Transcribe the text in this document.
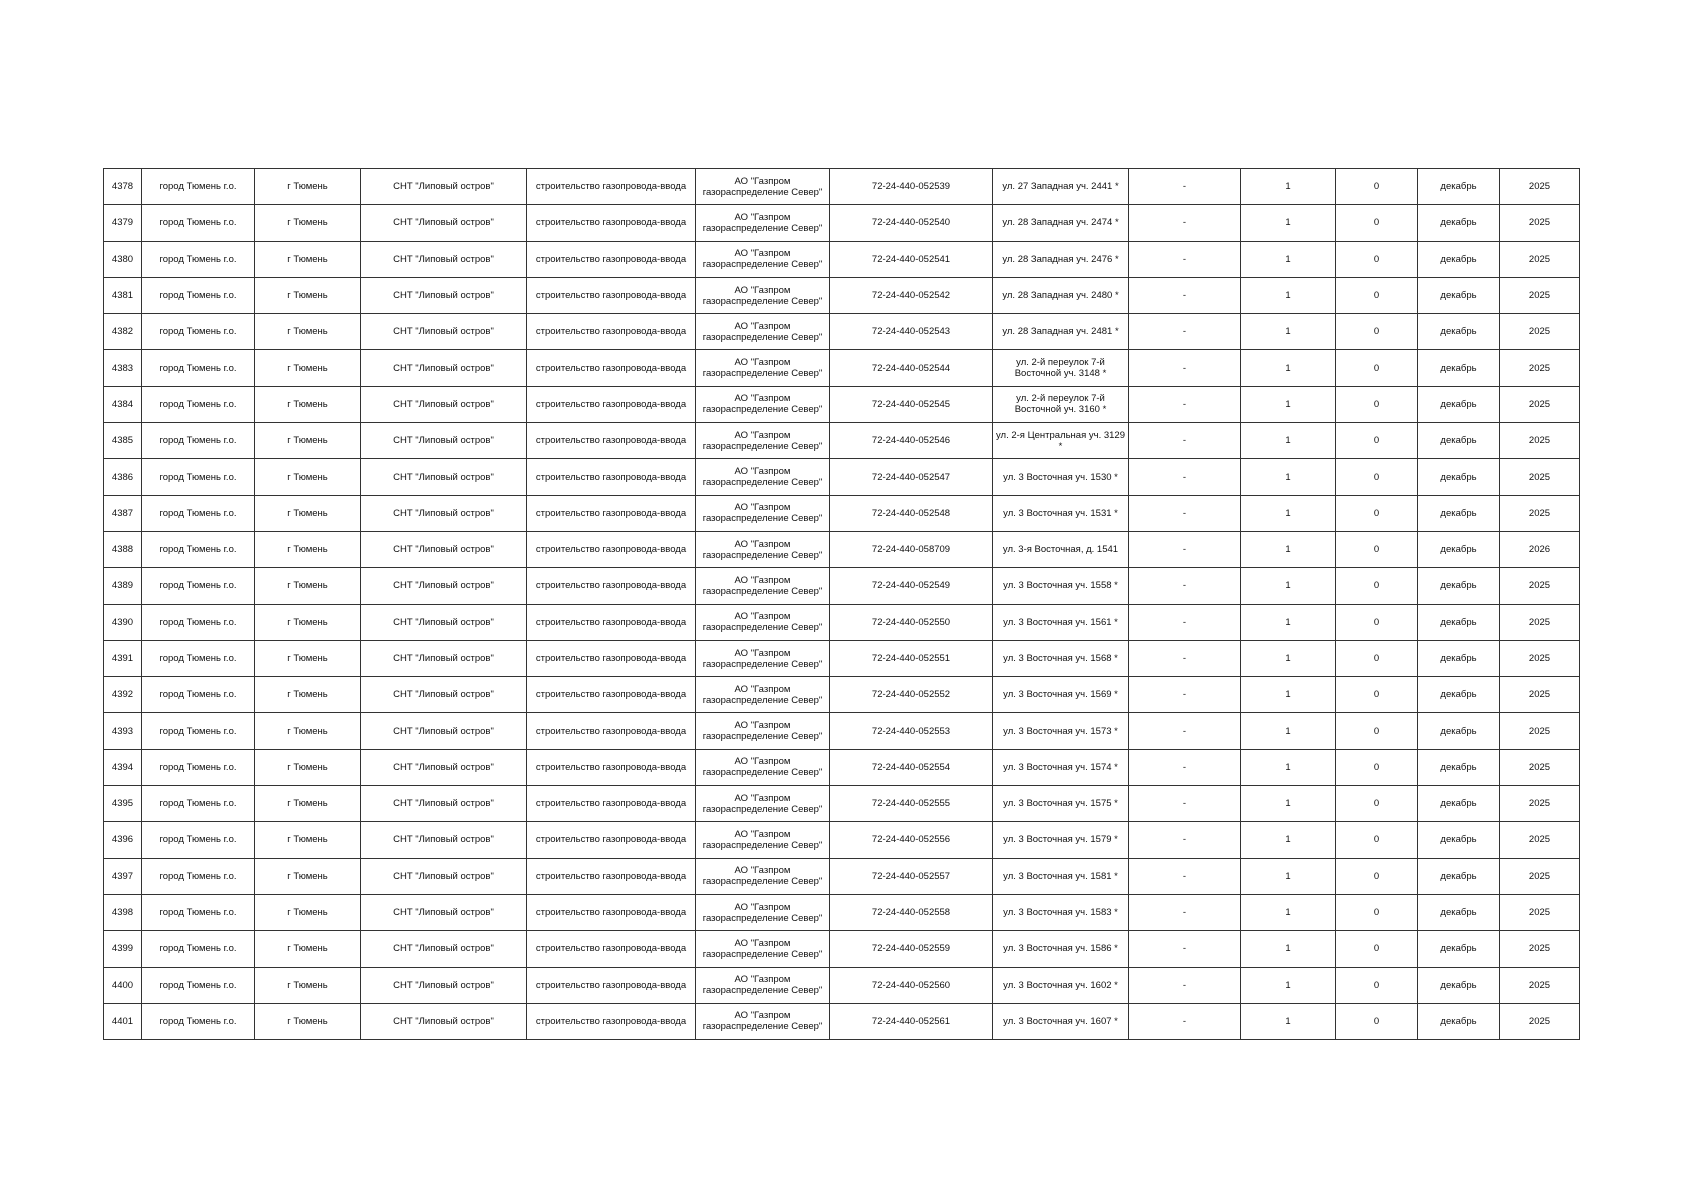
4378	город Тюмень г.о.	г Тюмень	СНТ "Липовый остров"	строительство газопровода-ввода	АО "Газпром газораспределение Север"	72-24-440-052539	ул. 27 Западная уч. 2441 *	-	1	0	декабрь	2025
4379	город Тюмень г.о.	г Тюмень	СНТ "Липовый остров"	строительство газопровода-ввода	АО "Газпром газораспределение Север"	72-24-440-052540	ул. 28 Западная уч. 2474 *	-	1	0	декабрь	2025
4380	город Тюмень г.о.	г Тюмень	СНТ "Липовый остров"	строительство газопровода-ввода	АО "Газпром газораспределение Север"	72-24-440-052541	ул. 28 Западная уч. 2476 *	-	1	0	декабрь	2025
4381	город Тюмень г.о.	г Тюмень	СНТ "Липовый остров"	строительство газопровода-ввода	АО "Газпром газораспределение Север"	72-24-440-052542	ул. 28 Западная уч. 2480 *	-	1	0	декабрь	2025
4382	город Тюмень г.о.	г Тюмень	СНТ "Липовый остров"	строительство газопровода-ввода	АО "Газпром газораспределение Север"	72-24-440-052543	ул. 28 Западная уч. 2481 *	-	1	0	декабрь	2025
4383	город Тюмень г.о.	г Тюмень	СНТ "Липовый остров"	строительство газопровода-ввода	АО "Газпром газораспределение Север"	72-24-440-052544	ул. 2-й переулок 7-й Восточной уч. 3148 *	-	1	0	декабрь	2025
4384	город Тюмень г.о.	г Тюмень	СНТ "Липовый остров"	строительство газопровода-ввода	АО "Газпром газораспределение Север"	72-24-440-052545	ул. 2-й переулок 7-й Восточной уч. 3160 *	-	1	0	декабрь	2025
4385	город Тюмень г.о.	г Тюмень	СНТ "Липовый остров"	строительство газопровода-ввода	АО "Газпром газораспределение Север"	72-24-440-052546	ул. 2-я Центральная уч. 3129 *	-	1	0	декабрь	2025
4386	город Тюмень г.о.	г Тюмень	СНТ "Липовый остров"	строительство газопровода-ввода	АО "Газпром газораспределение Север"	72-24-440-052547	ул. 3 Восточная уч. 1530 *	-	1	0	декабрь	2025
4387	город Тюмень г.о.	г Тюмень	СНТ "Липовый остров"	строительство газопровода-ввода	АО "Газпром газораспределение Север"	72-24-440-052548	ул. 3 Восточная уч. 1531 *	-	1	0	декабрь	2025
4388	город Тюмень г.о.	г Тюмень	СНТ "Липовый остров"	строительство газопровода-ввода	АО "Газпром газораспределение Север"	72-24-440-058709	ул. 3-я Восточная, д. 1541	-	1	0	декабрь	2026
4389	город Тюмень г.о.	г Тюмень	СНТ "Липовый остров"	строительство газопровода-ввода	АО "Газпром газораспределение Север"	72-24-440-052549	ул. 3 Восточная уч. 1558 *	-	1	0	декабрь	2025
4390	город Тюмень г.о.	г Тюмень	СНТ "Липовый остров"	строительство газопровода-ввода	АО "Газпром газораспределение Север"	72-24-440-052550	ул. 3 Восточная уч. 1561 *	-	1	0	декабрь	2025
4391	город Тюмень г.о.	г Тюмень	СНТ "Липовый остров"	строительство газопровода-ввода	АО "Газпром газораспределение Север"	72-24-440-052551	ул. 3 Восточная уч. 1568 *	-	1	0	декабрь	2025
4392	город Тюмень г.о.	г Тюмень	СНТ "Липовый остров"	строительство газопровода-ввода	АО "Газпром газораспределение Север"	72-24-440-052552	ул. 3 Восточная уч. 1569 *	-	1	0	декабрь	2025
4393	город Тюмень г.о.	г Тюмень	СНТ "Липовый остров"	строительство газопровода-ввода	АО "Газпром газораспределение Север"	72-24-440-052553	ул. 3 Восточная уч. 1573 *	-	1	0	декабрь	2025
4394	город Тюмень г.о.	г Тюмень	СНТ "Липовый остров"	строительство газопровода-ввода	АО "Газпром газораспределение Север"	72-24-440-052554	ул. 3 Восточная уч. 1574 *	-	1	0	декабрь	2025
4395	город Тюмень г.о.	г Тюмень	СНТ "Липовый остров"	строительство газопровода-ввода	АО "Газпром газораспределение Север"	72-24-440-052555	ул. 3 Восточная уч. 1575 *	-	1	0	декабрь	2025
4396	город Тюмень г.о.	г Тюмень	СНТ "Липовый остров"	строительство газопровода-ввода	АО "Газпром газораспределение Север"	72-24-440-052556	ул. 3 Восточная уч. 1579 *	-	1	0	декабрь	2025
4397	город Тюмень г.о.	г Тюмень	СНТ "Липовый остров"	строительство газопровода-ввода	АО "Газпром газораспределение Север"	72-24-440-052557	ул. 3 Восточная уч. 1581 *	-	1	0	декабрь	2025
4398	город Тюмень г.о.	г Тюмень	СНТ "Липовый остров"	строительство газопровода-ввода	АО "Газпром газораспределение Север"	72-24-440-052558	ул. 3 Восточная уч. 1583 *	-	1	0	декабрь	2025
4399	город Тюмень г.о.	г Тюмень	СНТ "Липовый остров"	строительство газопровода-ввода	АО "Газпром газораспределение Север"	72-24-440-052559	ул. 3 Восточная уч. 1586 *	-	1	0	декабрь	2025
4400	город Тюмень г.о.	г Тюмень	СНТ "Липовый остров"	строительство газопровода-ввода	АО "Газпром газораспределение Север"	72-24-440-052560	ул. 3 Восточная уч. 1602 *	-	1	0	декабрь	2025
4401	город Тюмень г.о.	г Тюмень	СНТ "Липовый остров"	строительство газопровода-ввода	АО "Газпром газораспределение Север"	72-24-440-052561	ул. 3 Восточная уч. 1607 *	-	1	0	декабрь	2025
